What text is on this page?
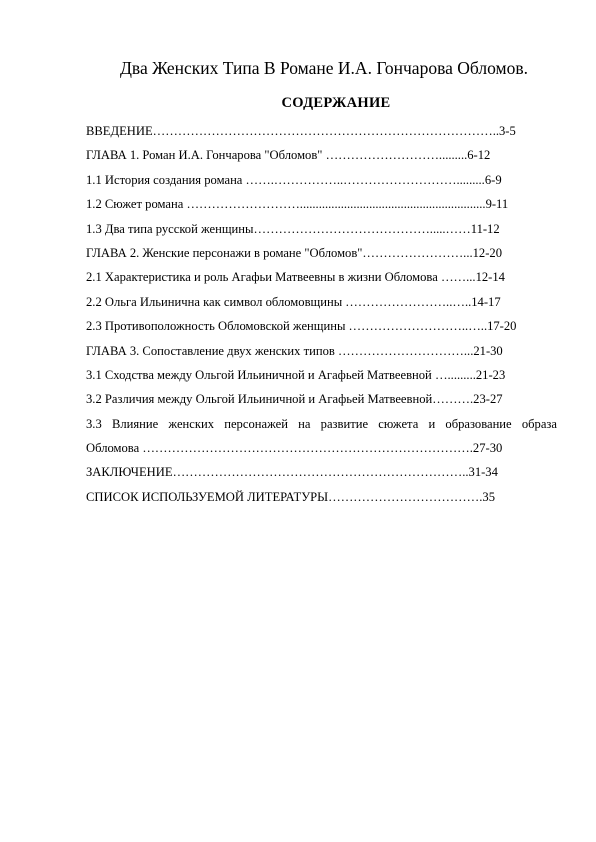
Два Женских Типа В Романе И.А. Гончарова Обломов.
СОДЕРЖАНИЕ
ВВЕДЕНИЕ………………………………………………………………………..3-5
ГЛАВА 1. Роман И.А. Гончарова "Обломов" ……………………….........6-12
1.1 История создания романа …….……………..……………………….........6-9
1.2 Сюжет романа ………………………...........................................................9-11
1.3 Два типа русской женщины…………………………………….....……11-12
ГЛАВА 2. Женские персонажи в романе "Обломов"……………………...12-20
2.1 Характеристика и роль Агафьи Матвеевны в жизни Обломова ……...12-14
2.2 Ольга Ильинична как символ обломовщины ……………………..…..14-17
2.3 Противоположность Обломовской женщины ………………………..…..17-20
ГЛАВА 3. Сопоставление двух женских типов …………………………...21-30
3.1 Сходства между Ольгой Ильиничной и Агафьей Матвеевной ….........21-23
3.2 Различия между Ольгой Ильиничной и Агафьей Матвеевной……….23-27
3.3 Влияние женских персонажей на развитие сюжета и образование образа
Обломова …………………………………………………………………….27-30
ЗАКЛЮЧЕНИЕ……………………………………………………………..31-34
СПИСОК ИСПОЛЬЗУЕМОЙ ЛИТЕРАТУРЫ……………………………….35
